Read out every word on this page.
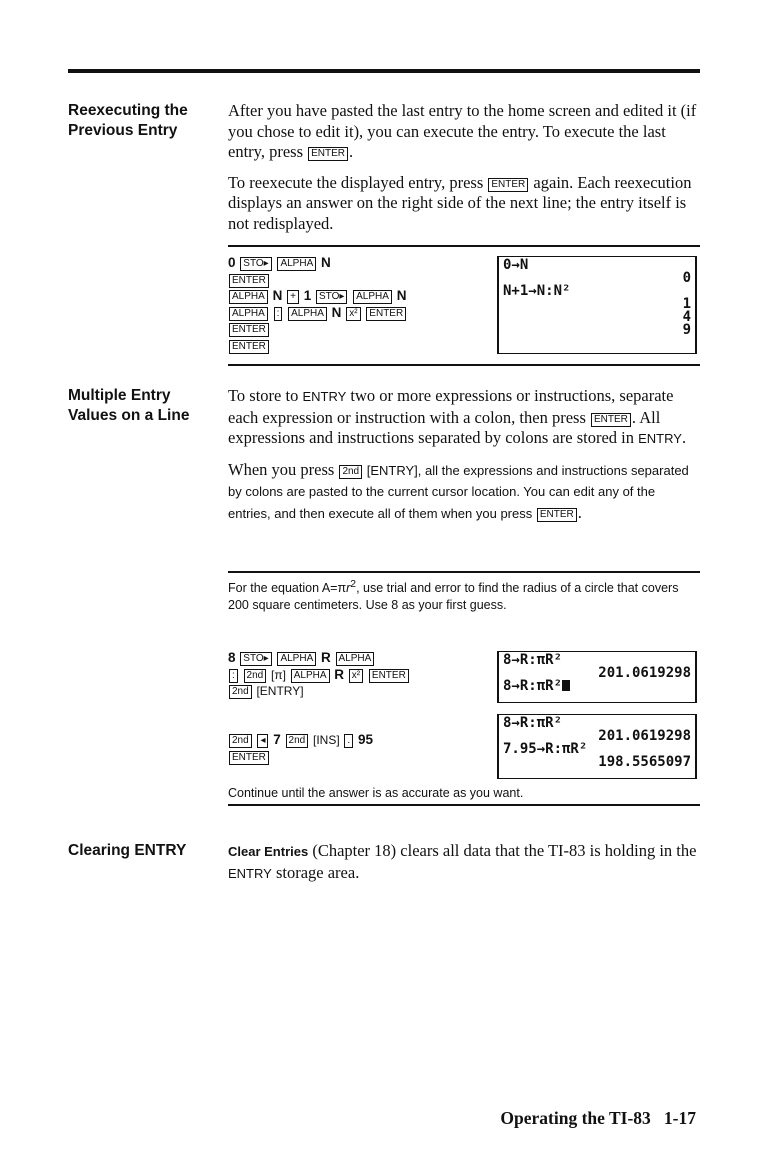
Reexecuting the
Previous Entry

After you have pasted the last entry to the home screen and edited it (if you chose to edit it), you can execute the entry. To execute the last entry, press ENTER .

To reexecute the displayed entry, press ENTER again. Each reexecution displays an answer on the right side of the next line; the entry itself is not redisplayed.

0 STO▸ ALPHA N
ENTER
ALPHA N + 1 STO▸ ALPHA N
ALPHA : ALPHA N x² ENTER
ENTER
ENTER
0→N
0
N+1→N:N²
1
4
9
Multiple Entry
Values on a Line

To store to ENTRY two or more expressions or instructions, separate each expression or instruction with a colon, then press ENTER . All expressions and instructions separated by colons are stored in ENTRY.

When you press 2nd [ENTRY], all the expressions and instructions separated by colons are pasted to the current cursor location. You can edit any of the entries, and then execute all of them when you press ENTER .

For the equation $A=\pi r^2$, use trial and error to find the radius of a circle that covers 200 square centimeters. Use 8 as your first guess.
8 STO▸ ALPHA R ALPHA
: 2nd [π] ALPHA R x² ENTER
2nd [ENTRY]
8→R:πR²
201.0619298
8→R:πR²
2nd ◂ 7 2nd [INS] . 95
ENTER
8→R:πR²
201.0619298
7.95→R:πR²
198.5565097
Continue until the answer is as accurate as you want.
Clearing ENTRY	Clear Entries (Chapter 18) clears all data that the TI-83 is holding in the ENTRY storage area.

Operating the TI-83 1-17
